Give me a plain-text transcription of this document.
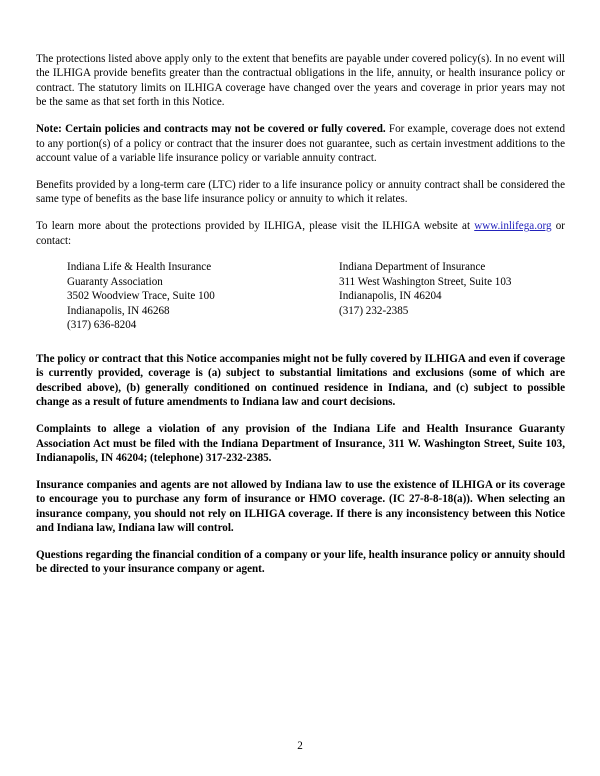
The protections listed above apply only to the extent that benefits are payable under covered policy(s). In no event will the ILHIGA provide benefits greater than the contractual obligations in the life, annuity, or health insurance policy or contract. The statutory limits on ILHIGA coverage have changed over the years and coverage in prior years may not be the same as that set forth in this Notice.

Note: Certain policies and contracts may not be covered or fully covered. For example, coverage does not extend to any portion(s) of a policy or contract that the insurer does not guarantee, such as certain investment additions to the account value of a variable life insurance policy or variable annuity contract.

Benefits provided by a long-term care (LTC) rider to a life insurance policy or annuity contract shall be considered the same type of benefits as the base life insurance policy or annuity to which it relates.

To learn more about the protections provided by ILHIGA, please visit the ILHIGA website at www.inlifega.org or contact:

Indiana Life & Health Insurance
Guaranty Association
3502 Woodview Trace, Suite 100
Indianapolis, IN 46268
(317) 636-8204
Indiana Department of Insurance
311 West Washington Street, Suite 103
Indianapolis, IN 46204
(317) 232-2385

The policy or contract that this Notice accompanies might not be fully covered by ILHIGA and even if coverage is currently provided, coverage is (a) subject to substantial limitations and exclusions (some of which are described above), (b) generally conditioned on continued residence in Indiana, and (c) subject to possible change as a result of future amendments to Indiana law and court decisions.

Complaints to allege a violation of any provision of the Indiana Life and Health Insurance Guaranty Association Act must be filed with the Indiana Department of Insurance, 311 W. Washington Street, Suite 103, Indianapolis, IN 46204; (telephone) 317-232-2385.

Insurance companies and agents are not allowed by Indiana law to use the existence of ILHIGA or its coverage to encourage you to purchase any form of insurance or HMO coverage. (IC 27-8-8-18(a)). When selecting an insurance company, you should not rely on ILHIGA coverage. If there is any inconsistency between this Notice and Indiana law, Indiana law will control.

Questions regarding the financial condition of a company or your life, health insurance policy or annuity should be directed to your insurance company or agent.

2
